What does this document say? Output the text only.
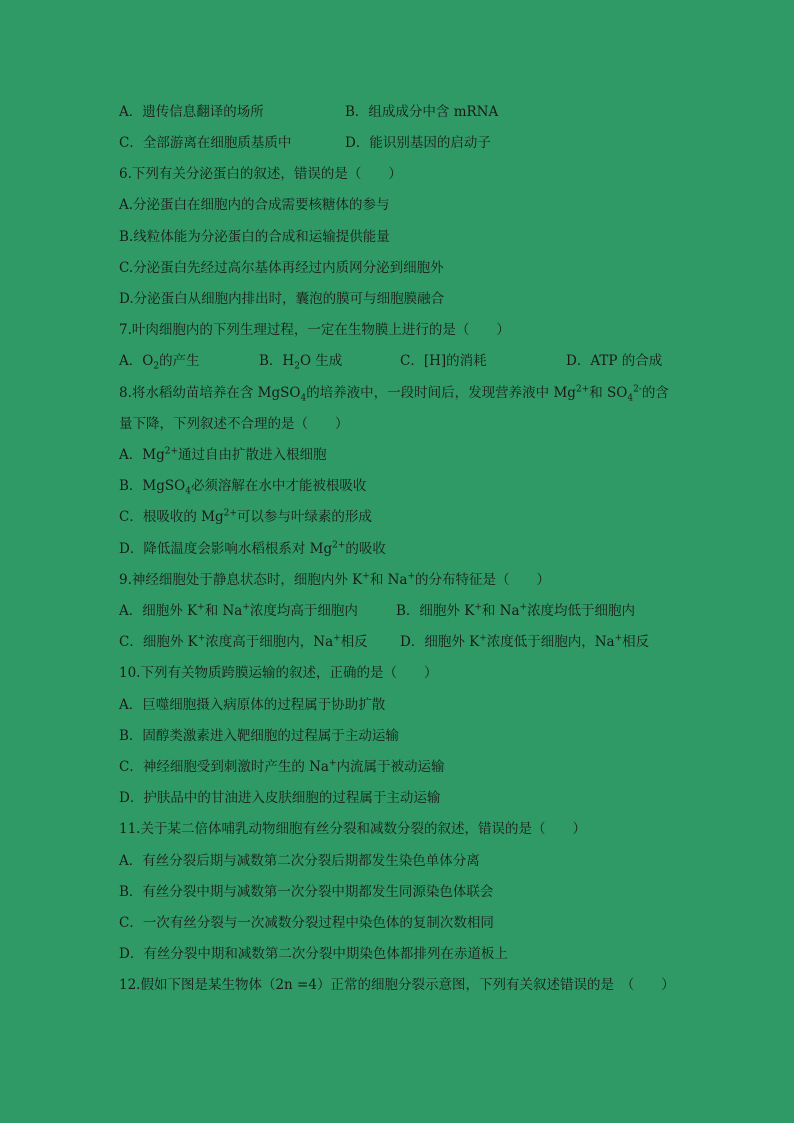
A．遗传信息翻译的场所	B．组成成分中含 mRNA
C．全部游离在细胞质基质中	D．能识别基因的启动子
6.下列有关分泌蛋白的叙述，错误的是（　　）
A.分泌蛋白在细胞内的合成需要核糖体的参与
B.线粒体能为分泌蛋白的合成和运输提供能量
C.分泌蛋白先经过高尔基体再经过内质网分泌到细胞外
D.分泌蛋白从细胞内排出时，囊泡的膜可与细胞膜融合
7.叶肉细胞内的下列生理过程，一定在生物膜上进行的是（　　）
A．$O_2$的产生	B．$H_2O$ 生成	C．[H]的消耗	D．ATP 的合成
8.将水稻幼苗培养在含 MgSO$_4$的培养液中，一段时间后，发现营养液中 $Mg^{2+}$和 $SO_4^{2-}$的含
量下降，下列叙述不合理的是（　　）
A．$Mg^{2+}$通过自由扩散进入根细胞
B．MgSO$_4$必须溶解在水中才能被根吸收
C．根吸收的 $Mg^{2+}$可以参与叶绿素的形成
D．降低温度会影响水稻根系对 $Mg^{2+}$的吸收
9.神经细胞处于静息状态时，细胞内外 K+和 Na+的分布特征是（　　）
A．细胞外 K+和 Na+浓度均高于细胞内	B．细胞外 K+和 Na+浓度均低于细胞内
C．细胞外 K+浓度高于细胞内，Na+相反 D．细胞外 K+浓度低于细胞内，Na+相反
10.下列有关物质跨膜运输的叙述，正确的是（　　）
A．巨噬细胞摄入病原体的过程属于协助扩散
B．固醇类激素进入靶细胞的过程属于主动运输
C．神经细胞受到刺激时产生的 Na+内流属于被动运输
D．护肤品中的甘油进入皮肤细胞的过程属于主动运输
11.关于某二倍体哺乳动物细胞有丝分裂和减数分裂的叙述，错误的是（　　）
A．有丝分裂后期与减数第二次分裂后期都发生染色单体分离
B．有丝分裂中期与减数第一次分裂中期都发生同源染色体联会
C．一次有丝分裂与一次减数分裂过程中染色体的复制次数相同
D．有丝分裂中期和减数第二次分裂中期染色体都排列在赤道板上
12.假如下图是某生物体（2n =4）正常的细胞分裂示意图，下列有关叙述错误的是　（　　）
